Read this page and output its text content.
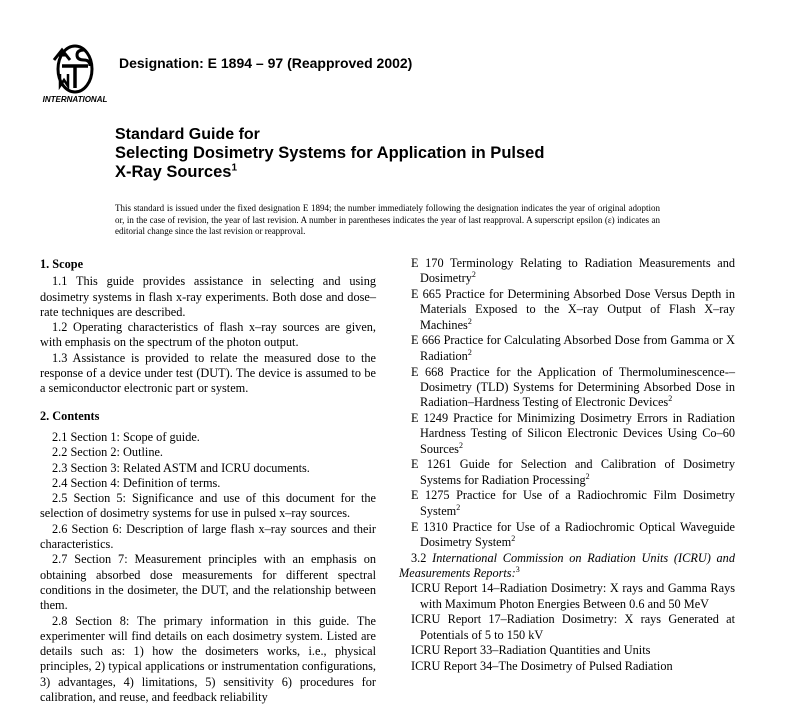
INTERNATIONAL
Designation: E 1894 – 97 (Reapproved 2002)
Standard Guide for
Selecting Dosimetry Systems for Application in Pulsed
X-Ray Sources$^1$
This standard is issued under the fixed designation E 1894; the number immediately following the designation indicates the year of original adoption or, in the case of revision, the year of last revision. A number in parentheses indicates the year of last reapproval. A superscript epsilon (ε) indicates an editorial change since the last revision or reapproval.

1. Scope

1.1 This guide provides assistance in selecting and using dosimetry systems in flash x-ray experiments. Both dose and dose–rate techniques are described.

1.2 Operating characteristics of flash x–ray sources are given, with emphasis on the spectrum of the photon output.

1.3 Assistance is provided to relate the measured dose to the response of a device under test (DUT). The device is assumed to be a semiconductor electronic part or system.

2. Contents

2.1 Section 1: Scope of guide.

2.2 Section 2: Outline.

2.3 Section 3: Related ASTM and ICRU documents.

2.4 Section 4: Definition of terms.

2.5 Section 5: Significance and use of this document for the selection of dosimetry systems for use in pulsed x–ray sources.

2.6 Section 6: Description of large flash x–ray sources and their characteristics.

2.7 Section 7: Measurement principles with an emphasis on obtaining absorbed dose measurements for different spectral conditions in the dosimeter, the DUT, and the relationship between them.

2.8 Section 8: The primary information in this guide. The experimenter will find details on each dosimetry system. Listed are details such as: 1) how the dosimeters works, i.e., physical principles, 2) typical applications or instrumentation configurations, 3) advantages, 4) limitations, 5) sensitivity 6) procedures for calibration, and reuse, and feedback reliability

E 170 Terminology Relating to Radiation Measurements and Dosimetry$^2$

E 665 Practice for Determining Absorbed Dose Versus Depth in Materials Exposed to the X–ray Output of Flash X–ray Machines$^2$

E 666 Practice for Calculating Absorbed Dose from Gamma or X Radiation$^2$

E 668 Practice for the Application of Thermoluminescence-–Dosimetry (TLD) Systems for Determining Absorbed Dose in Radiation–Hardness Testing of Electronic Devices$^2$

E 1249 Practice for Minimizing Dosimetry Errors in Radiation Hardness Testing of Silicon Electronic Devices Using Co–60 Sources$^2$

E 1261 Guide for Selection and Calibration of Dosimetry Systems for Radiation Processing$^2$

E 1275 Practice for Use of a Radiochromic Film Dosimetry System$^2$

E 1310 Practice for Use of a Radiochromic Optical Waveguide Dosimetry System$^2$

3.2 International Commission on Radiation Units (ICRU) and Measurements Reports:$^3$

ICRU Report 14–Radiation Dosimetry: X rays and Gamma Rays with Maximum Photon Energies Between 0.6 and 50 MeV

ICRU Report 17–Radiation Dosimetry: X rays Generated at Potentials of 5 to 150 kV

ICRU Report 33–Radiation Quantities and Units

ICRU Report 34–The Dosimetry of Pulsed Radiation
